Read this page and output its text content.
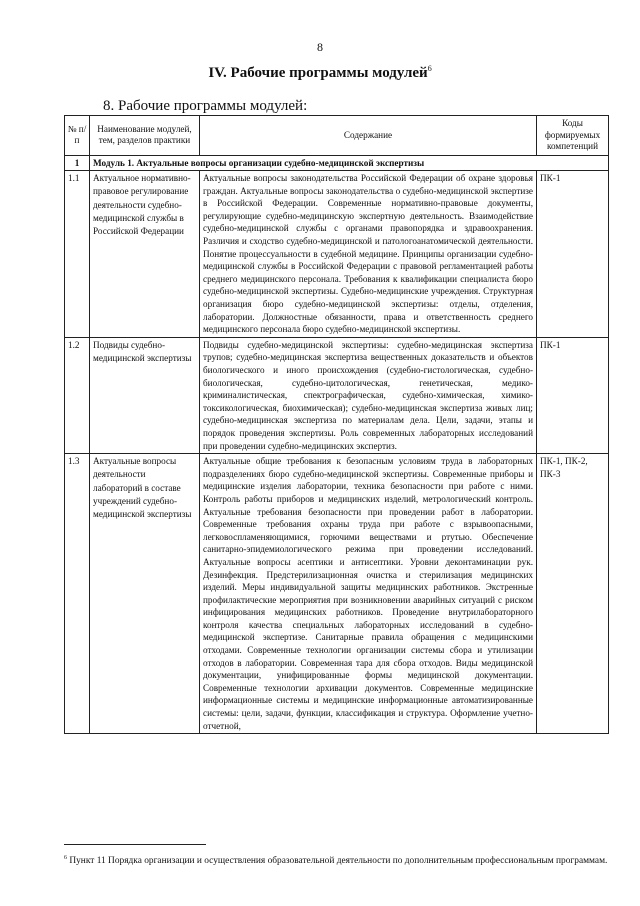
8
IV. Рабочие программы модулей$^6$
8. Рабочие программы модулей:
№ п/п	Наименование модулей, тем, разделов практики	Содержание	Коды формируемых компетенций
1	Модуль 1. Актуальные вопросы организации судебно-медицинской экспертизы		
1.1	Актуальное нормативно-правовое регулирование деятельности судебно-медицинской службы в Российской Федерации	Актуальные вопросы законодательства Российской Федерации об охране здоровья граждан. Актуальные вопросы законодательства о судебно-медицинской экспертизе в Российской Федерации. Современные нормативно-правовые документы, регулирующие судебно-медицинскую экспертную деятельность. Взаимодействие судебно-медицинской службы с органами правопорядка и здравоохранения. Различия и сходство судебно-медицинской и патологоанатомической деятельности. Понятие процессуальности в судебной медицине. Принципы организации судебно-медицинской службы в Российской Федерации с правовой регламентацией работы среднего медицинского персонала. Требования к квалификации специалиста бюро судебно-медицинской экспертизы. Судебно-медицинские учреждения. Структурная организация бюро судебно-медицинской экспертизы: отделы, отделения, лаборатории. Должностные обязанности, права и ответственность среднего медицинского персонала бюро судебно-медицинской экспертизы.	ПК-1
1.2	Подвиды судебно-медицинской экспертизы	Подвиды судебно-медицинской экспертизы: судебно-медицинская экспертиза трупов; судебно-медицинская экспертиза вещественных доказательств и объектов биологического и иного происхождения (судебно-гистологическая, судебно-биологическая, судебно-цитологическая, генетическая, медико-криминалистическая, спектрографическая, судебно-химическая, химико-токсикологическая, биохимическая); судебно-медицинская экспертиза живых лиц; судебно-медицинская экспертиза по материалам дела. Цели, задачи, этапы и порядок проведения экспертизы. Роль современных лабораторных исследований при проведении судебно-медицинских экспертиз.	ПК-1
1.3	Актуальные вопросы деятельности лабораторий в составе учреждений судебно-медицинской экспертизы	Актуальные общие требования к безопасным условиям труда в лабораторных подразделениях бюро судебно-медицинской экспертизы. Современные приборы и медицинские изделия лаборатории, техника безопасности при работе с ними. Контроль работы приборов и медицинских изделий, метрологический контроль. Актуальные требования безопасности при проведении работ в лаборатории. Современные требования охраны труда при работе с взрывоопасными, легковоспламеняющимися, горючими веществами и ртутью. Обеспечение санитарно-эпидемиологического режима при проведении исследований. Актуальные вопросы асептики и антисептики. Уровни деконтаминации рук. Дезинфекция. Предстерилизационная очистка и стерилизация медицинских изделий. Меры индивидуальной защиты медицинских работников. Экстренные профилактические мероприятия при возникновении аварийных ситуаций с риском инфицирования медицинских работников. Проведение внутрилабораторного контроля качества специальных лабораторных исследований в судебно-медицинской экспертизе. Санитарные правила обращения с медицинскими отходами. Современные технологии организации системы сбора и утилизации отходов в лаборатории. Современная тара для сбора отходов. Виды медицинской документации, унифицированные формы медицинской документации. Современные технологии архивации документов. Современные медицинские информационные системы и медицинские информационные автоматизированные системы: цели, задачи, функции, классификация и структура. Оформление учетно-отчетной,	ПК-1, ПК-2, ПК-3
$^6$ Пункт 11 Порядка организации и осуществления образовательной деятельности по дополнительным профессиональным программам.
